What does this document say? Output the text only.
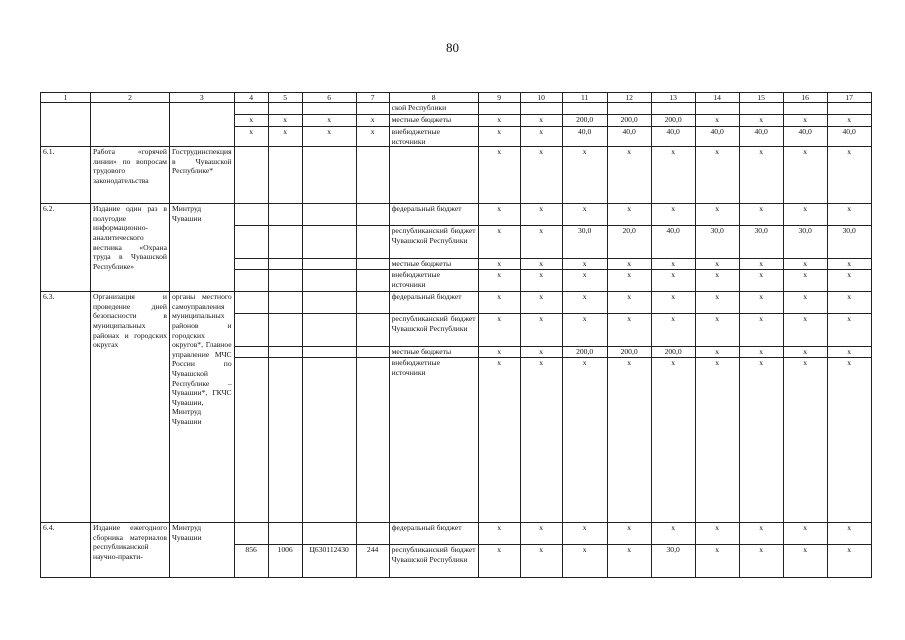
80
1	2	3	4	5	6	7	8	9	10	11	12	13	14	15	16	17
							ской Республики									
			х	х	х	х	местные бюджеты	х	х	200,0	200,0	200,0	х	х	х	х
			х	х	х	х	внебюджетные источники	х	х	40,0	40,0	40,0	40,0	40,0	40,0	40,0
6.1.	Работа «горячей линии» по вопросам трудового законодательства	Гострудинспекция в Чувашской Республике*						х	х	х	х	х	х	х	х	х
6.2.	Издание один раз в полугодие информационно-аналитического вестника «Охрана труда в Чувашской Республике»	Минтруд Чувашии					федеральный бюджет	х	х	х	х	х	х	х	х	х
							республиканский бюджет Чувашской Республики	х	х	30,0	20,0	40,0	30,0	30,0	30,0	30,0
							местные бюджеты	х	х	х	х	х	х	х	х	х
							внебюджетные источники	х	х	х	х	х	х	х	х	х
6.3.	Организация и проведение дней безопасности в муниципальных районах и городских округах	органы местного самоуправления муниципальных районов и городских округов*, Главное управление МЧС России по Чувашской Республике – Чувашии*, ГКЧС Чувашии, Минтруд Чувашии					федеральный бюджет	х	х	х	х	х	х	х	х	х
							республиканский бюджет Чувашской Республики	х	х	х	х	х	х	х	х	х
							местные бюджеты	х	х	200,0	200,0	200,0	х	х	х	х
							внебюджетные источники	х	х	х	х	х	х	х	х	х
6.4.	Издание ежегодного сборника материалов республиканской научно-практи-	Минтруд Чувашии					федеральный бюджет	х	х	х	х	х	х	х	х	х
			856	1006	Ц630112430	244	республиканский бюджет Чувашской Республики	х	х	х	х	30,0	х	х	х	х
